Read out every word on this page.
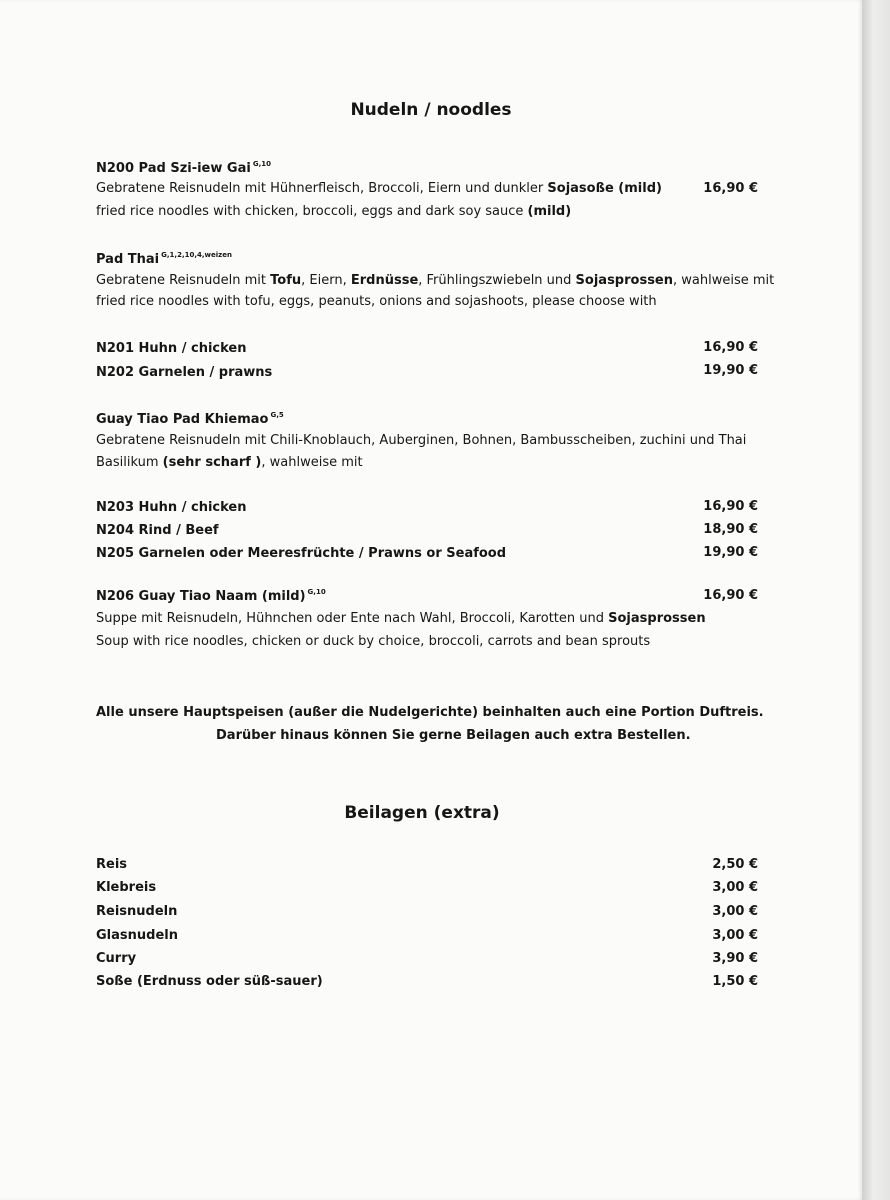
Nudeln / noodles
N200 Pad Szi-iew Gai $^{G,10}$
Gebratene Reisnudeln mit Hühnerfleisch, Broccoli, Eiern und dunkler Sojasoße (mild)	16,90 €
fried rice noodles with chicken, broccoli, eggs and dark soy sauce (mild)
Pad Thai $^{G,1,2,10,4,weizen}$
Gebratene Reisnudeln mit Tofu, Eiern, Erdnüsse, Frühlingszwiebeln und Sojasprossen, wahlweise mit
fried rice noodles with tofu, eggs, peanuts, onions and sojashoots, please choose with
N201 Huhn / chicken	16,90 €
N202 Garnelen / prawns	19,90 €
Guay Tiao Pad Khiemao $^{G,5}$
Gebratene Reisnudeln mit Chili-Knoblauch, Auberginen, Bohnen, Bambusscheiben, zuchini und Thai
Basilikum (sehr scharf ), wahlweise mit
N203 Huhn / chicken	16,90 €
N204 Rind / Beef	18,90 €
N205 Garnelen oder Meeresfrüchte / Prawns or Seafood	19,90 €
N206 Guay Tiao Naam (mild) $^{G,10}$	16,90 €
Suppe mit Reisnudeln, Hühnchen oder Ente nach Wahl, Broccoli, Karotten und Sojasprossen
Soup with rice noodles, chicken or duck by choice, broccoli, carrots and bean sprouts
Alle unsere Hauptspeisen (außer die Nudelgerichte) beinhalten auch eine Portion Duftreis.
Darüber hinaus können Sie gerne Beilagen auch extra Bestellen.
Beilagen (extra)
Reis	2,50 €
Klebreis	3,00 €
Reisnudeln	3,00 €
Glasnudeln	3,00 €
Curry	3,90 €
Soße (Erdnuss oder süß-sauer)	1,50 €
